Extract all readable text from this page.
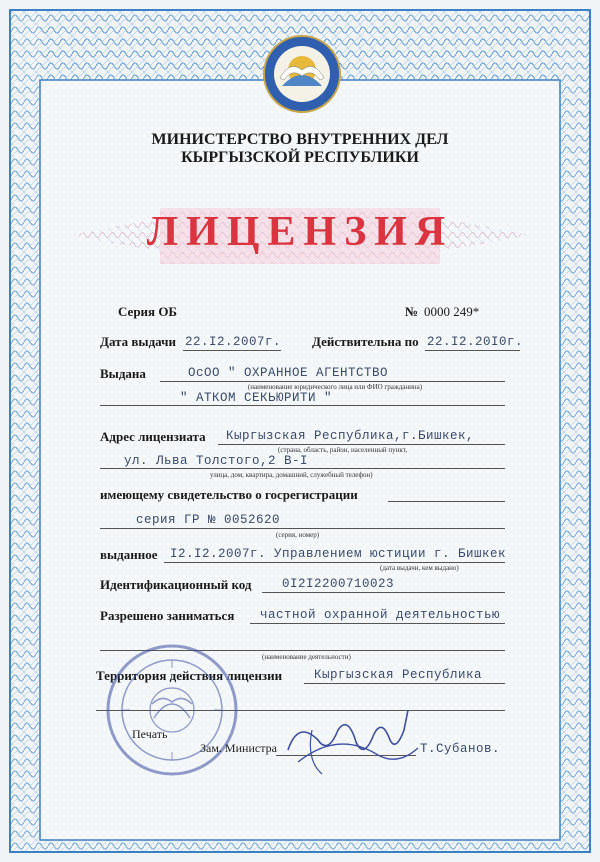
МИНИСТЕРСТВО ВНУТРЕННИХ ДЕЛ
КЫРГЫЗСКОЙ РЕСПУБЛИКИ
ЛИЦЕНЗИЯ
Серия ОБ	№ 0000 249*
Дата выдачи 22.I2.2007г. Действительна по 22.I2.20I0г.
Выдана	ОсОО " ОХРАННОЕ АГЕНТСТВО
(наименование юридического лица или ФИО гражданина)
" АТКОМ СЕКЬЮРИТИ "
Адрес лицензиата Кыргызская Республика,г.Бишкек,
(страна, область, район, населенный пункт,
ул. Льва Толстого,2 В-I
улица, дом, квартира, домашний, служебный телефон)
имеющему свидетельство о госрегистрации
серия ГР № 0052620
(серия, номер)
выданное I2.I2.2007г. Управлением юстиции г. Бишкек
(дата выдачи, кем выдано)
Идентификационный код 0I2I2200710023
Разрешено заниматься частной охранной деятельностью
(наименование деятельности)
Территория действия лицензии	Кыргызская Республика
Печать
Зам. Министра	Т.Субанов.
